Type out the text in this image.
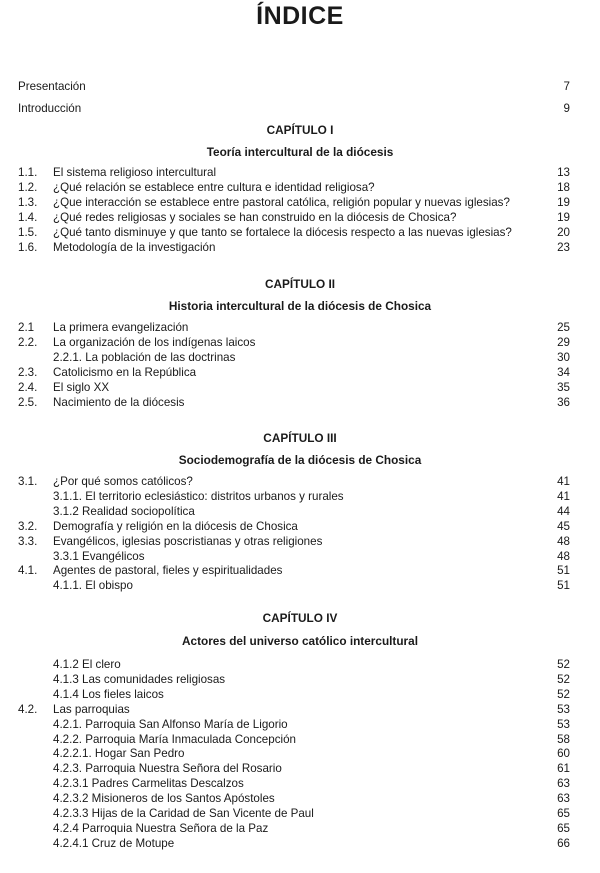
ÍNDICE
Presentación	7
Introducción	9
CAPÍTULO I
Teoría intercultural de la diócesis
1.1. El sistema religioso intercultural	13
1.2. ¿Qué relación se establece entre cultura e identidad religiosa?	18
1.3. ¿Que interacción se establece entre pastoral católica, religión popular y nuevas iglesias?	19
1.4. ¿Qué redes religiosas y sociales se han construido en la diócesis de Chosica?	19
1.5. ¿Qué tanto disminuye y que tanto se fortalece la diócesis respecto a las nuevas iglesias?	20
1.6. Metodología de la investigación	23
CAPÍTULO II
Historia intercultural de la diócesis de Chosica
2.1 La primera evangelización	25
2.2. La organización de los indígenas laicos	29
2.2.1. La población de las doctrinas	30
2.3. Catolicismo en la República	34
2.4. El siglo XX	35
2.5. Nacimiento de la diócesis	36
CAPÍTULO III
Sociodemografía de la diócesis de Chosica
3.1. ¿Por qué somos católicos?	41
3.1.1. El territorio eclesiástico: distritos urbanos y rurales	41
3.1.2 Realidad sociopolítica	44
3.2. Demografía y religión en la diócesis de Chosica	45
3.3. Evangélicos, iglesias poscristianas y otras religiones	48
3.3.1 Evangélicos	48
4.1. Agentes de pastoral, fieles y espiritualidades	51
4.1.1. El obispo	51
CAPÍTULO IV
Actores del universo católico intercultural
4.1.2 El clero	52
4.1.3 Las comunidades religiosas	52
4.1.4 Los fieles laicos	52
4.2. Las parroquias	53
4.2.1. Parroquia San Alfonso María de Ligorio	53
4.2.2. Parroquia María Inmaculada Concepción	58
4.2.2.1. Hogar San Pedro	60
4.2.3. Parroquia Nuestra Señora del Rosario	61
4.2.3.1 Padres Carmelitas Descalzos	63
4.2.3.2 Misioneros de los Santos Apóstoles	63
4.2.3.3 Hijas de la Caridad de San Vicente de Paul	65
4.2.4 Parroquia Nuestra Señora de la Paz	65
4.2.4.1 Cruz de Motupe	66
